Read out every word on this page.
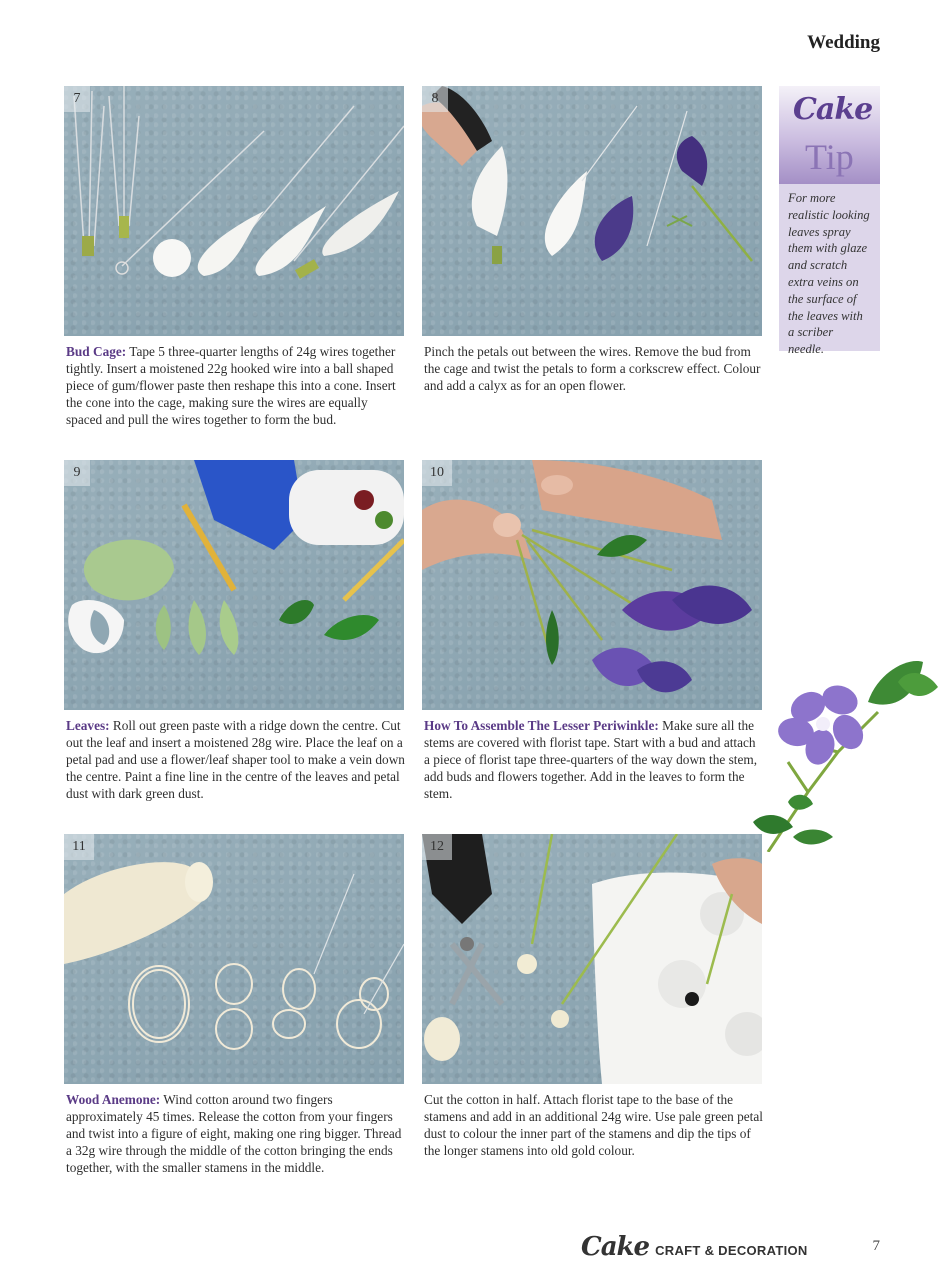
Wedding
7
Bud Cage: Tape 5 three-quarter lengths of 24g wires together tightly. Insert a moistened 22g hooked wire into a ball shaped piece of gum/flower paste then reshape this into a cone. Insert the cone into the cage, making sure the wires are equally spaced and pull the wires together to form the bud.
8
Pinch the petals out between the wires. Remove the bud from the cage and twist the petals to form a corkscrew effect. Colour and add a calyx as for an open flower.
9
Leaves: Roll out green paste with a ridge down the centre. Cut out the leaf and insert a moistened 28g wire. Place the leaf on a petal pad and use a flower/leaf shaper tool to make a vein down the centre. Paint a fine line in the centre of the leaves and petal dust with dark green dust.
10
How To Assemble The Lesser Periwinkle: Make sure all the stems are covered with florist tape. Start with a bud and attach a piece of florist tape three-quarters of the way down the stem, add buds and flowers together. Add in the leaves to form the stem.
11
Wood Anemone: Wind cotton around two fingers approximately 45 times. Release the cotton from your fingers and twist into a figure of eight, making one ring bigger. Thread a 32g wire through the middle of the cotton bringing the ends together, with the smaller stamens in the middle.
12
Cut the cotton in half. Attach florist tape to the base of the stamens and add in an additional 24g wire. Use pale green petal dust to colour the inner part of the stamens and dip the tips of the longer stamens into old gold colour.
Cake
Tip
For more realistic looking leaves spray them with glaze and scratch extra veins on the surface of the leaves with a scriber needle.
Cake CRAFT & DECORATION	7
